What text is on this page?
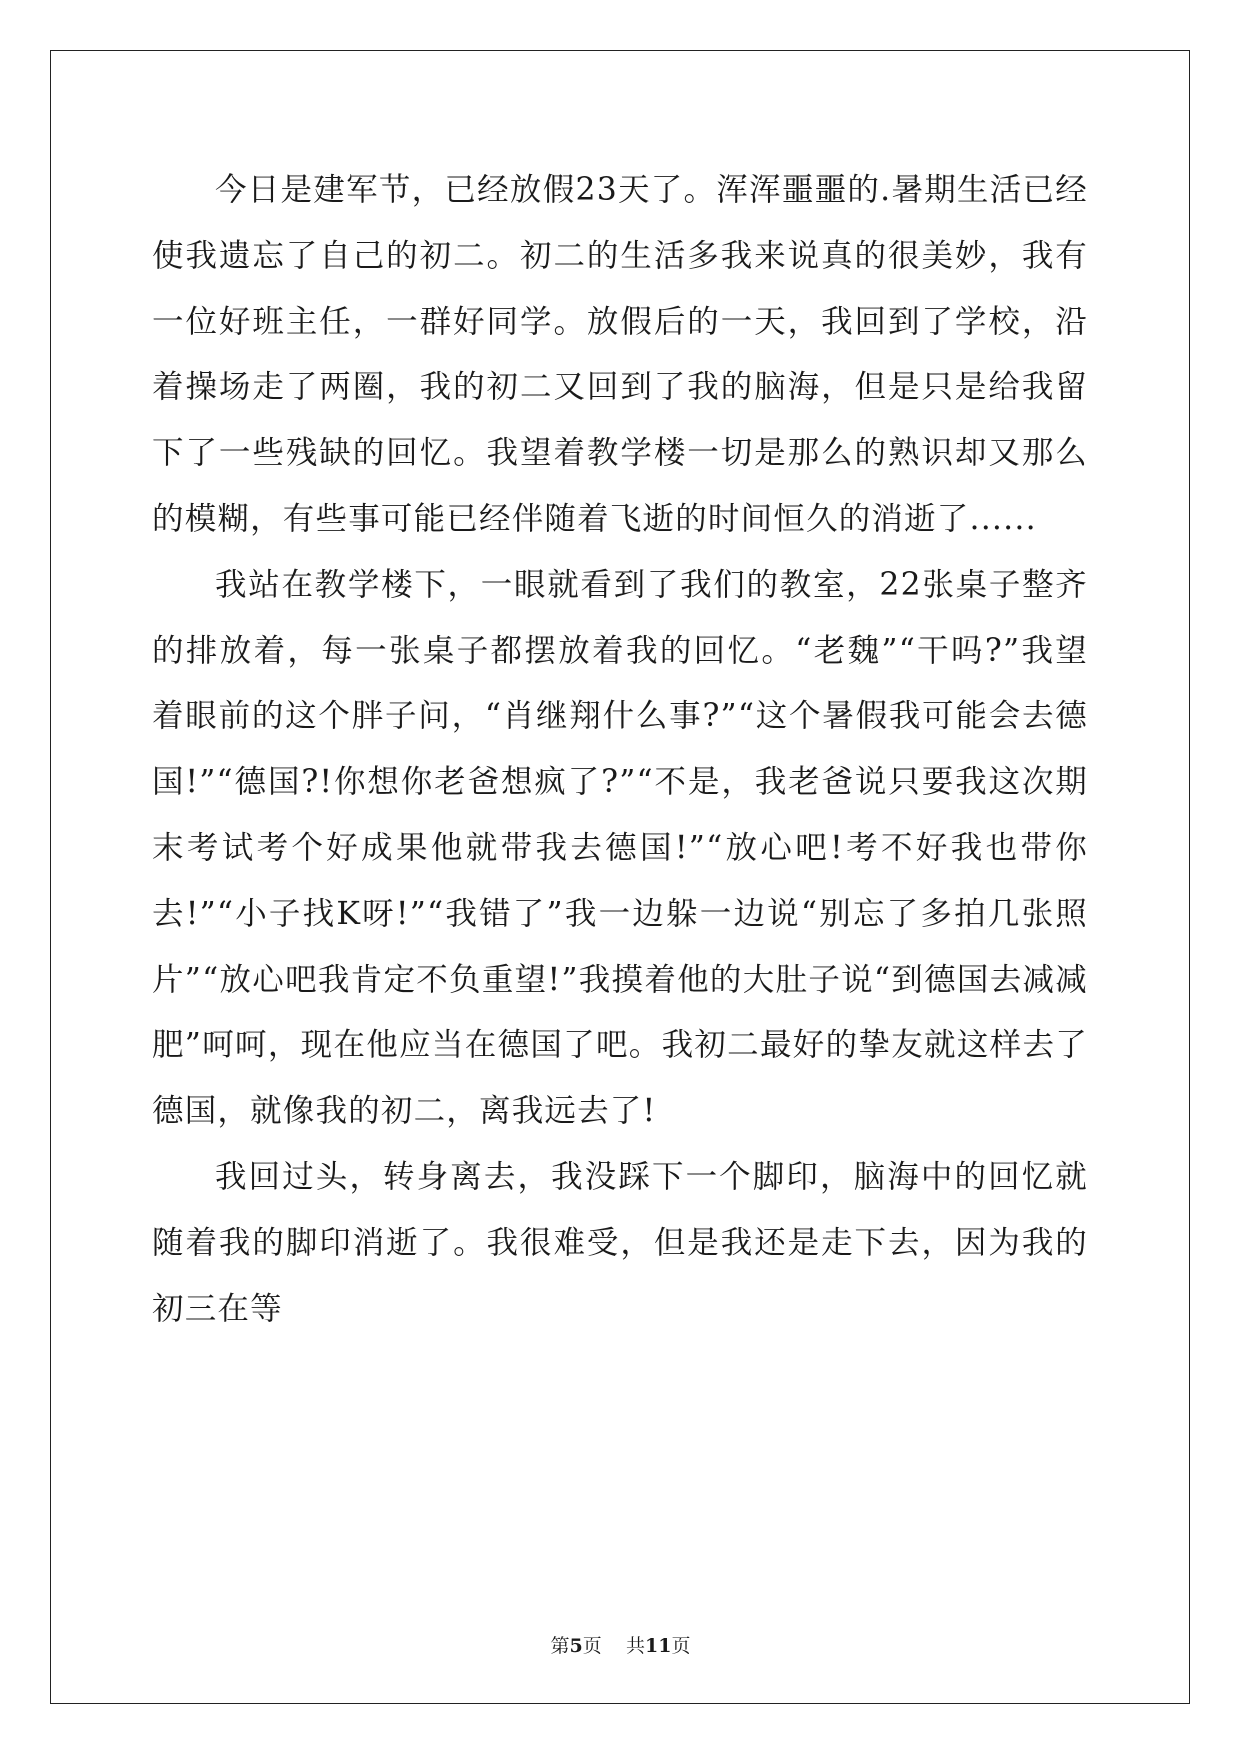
今日是建军节，已经放假23天了。浑浑噩噩的.暑期生活已经使我遗忘了自己的初二。初二的生活多我来说真的很美妙，我有一位好班主任，一群好同学。放假后的一天，我回到了学校，沿着操场走了两圈，我的初二又回到了我的脑海，但是只是给我留下了一些残缺的回忆。我望着教学楼一切是那么的熟识却又那么的模糊，有些事可能已经伴随着飞逝的时间恒久的消逝了......

我站在教学楼下，一眼就看到了我们的教室，22张桌子整齐的排放着，每一张桌子都摆放着我的回忆。“老魏”“干吗?”我望着眼前的这个胖子问，“肖继翔什么事?”“这个暑假我可能会去德国!”“德国?!你想你老爸想疯了?”“不是，我老爸说只要我这次期末考试考个好成果他就带我去德国!”“放心吧!考不好我也带你去!”“小子找K呀!”“我错了”我一边躲一边说“别忘了多拍几张照片”“放心吧我肯定不负重望!”我摸着他的大肚子说“到德国去减减肥”呵呵，现在他应当在德国了吧。我初二最好的挚友就这样去了德国，就像我的初二，离我远去了!

我回过头，转身离去，我没踩下一个脚印，脑海中的回忆就随着我的脚印消逝了。我很难受，但是我还是走下去，因为我的初三在等

第5页 共11页
